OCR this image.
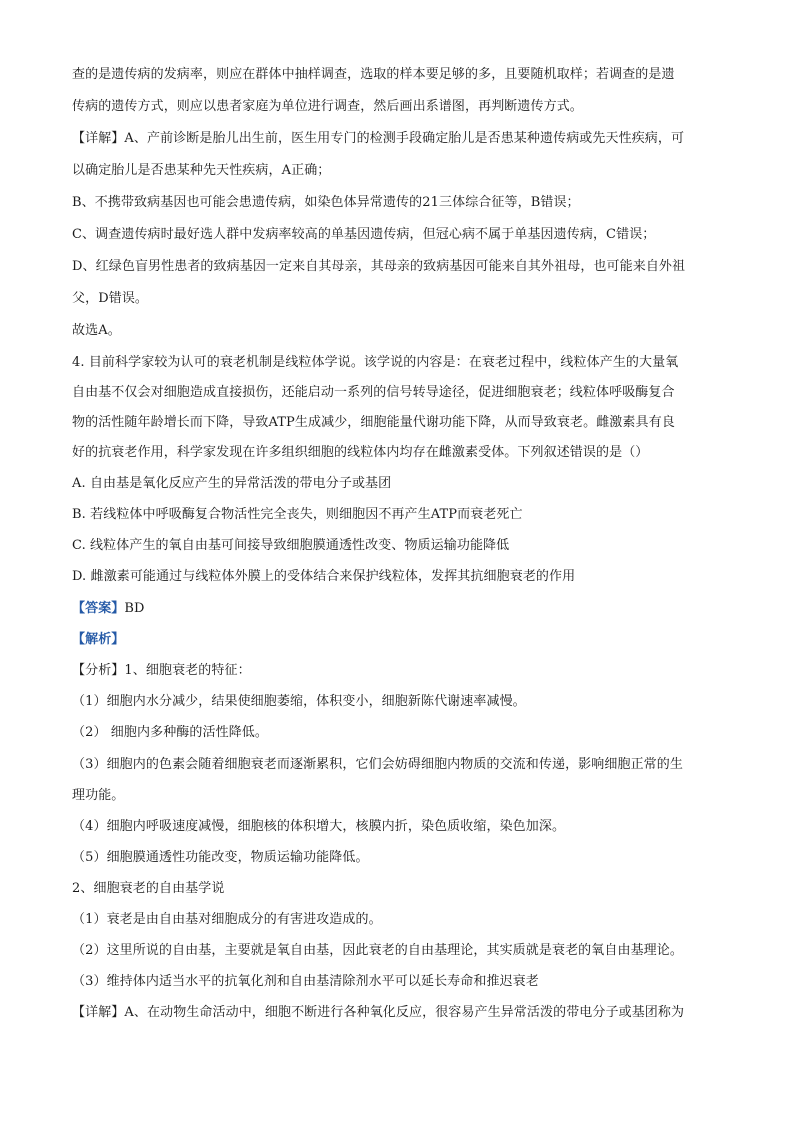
查的是遗传病的发病率，则应在群体中抽样调查，选取的样本要足够的多，且要随机取样；若调查的是遗
传病的遗传方式，则应以患者家庭为单位进行调查，然后画出系谱图，再判断遗传方式。
【详解】A、产前诊断是胎儿出生前，医生用专门的检测手段确定胎儿是否患某种遗传病或先天性疾病，可
以确定胎儿是否患某种先天性疾病，A正确；
B、不携带致病基因也可能会患遗传病，如染色体异常遗传的21三体综合征等，B错误；
C、调查遗传病时最好选人群中发病率较高的单基因遗传病，但冠心病不属于单基因遗传病，C错误；
D、红绿色盲男性患者的致病基因一定来自其母亲，其母亲的致病基因可能来自其外祖母，也可能来自外祖
父，D错误。
故选A。
4. 目前科学家较为认可的衰老机制是线粒体学说。该学说的内容是：在衰老过程中，线粒体产生的大量氧
自由基不仅会对细胞造成直接损伤，还能启动一系列的信号转导途径，促进细胞衰老；线粒体呼吸酶复合
物的活性随年龄增长而下降，导致ATP生成减少，细胞能量代谢功能下降，从而导致衰老。雌激素具有良
好的抗衰老作用，科学家发现在许多组织细胞的线粒体内均存在雌激素受体。下列叙述错误的是（）
A. 自由基是氧化反应产生的异常活泼的带电分子或基团
B. 若线粒体中呼吸酶复合物活性完全丧失，则细胞因不再产生ATP而衰老死亡
C. 线粒体产生的氧自由基可间接导致细胞膜通透性改变、物质运输功能降低
D. 雌激素可能通过与线粒体外膜上的受体结合来保护线粒体，发挥其抗细胞衰老的作用
【答案】BD
【解析】
【分析】1、细胞衰老的特征：
（1）细胞内水分减少，结果使细胞萎缩，体积变小，细胞新陈代谢速率减慢。
（2） 细胞内多种酶的活性降低。
（3）细胞内的色素会随着细胞衰老而逐渐累积，它们会妨碍细胞内物质的交流和传递，影响细胞正常的生
理功能。
（4）细胞内呼吸速度减慢，细胞核的体积增大，核膜内折，染色质收缩，染色加深。
（5）细胞膜通透性功能改变，物质运输功能降低。
2、细胞衰老的自由基学说
（1）衰老是由自由基对细胞成分的有害进攻造成的。
（2）这里所说的自由基，主要就是氧自由基，因此衰老的自由基理论，其实质就是衰老的氧自由基理论。
（3）维持体内适当水平的抗氧化剂和自由基清除剂水平可以延长寿命和推迟衰老
【详解】A、在动物生命活动中，细胞不断进行各种氧化反应，很容易产生异常活泼的带电分子或基团称为
